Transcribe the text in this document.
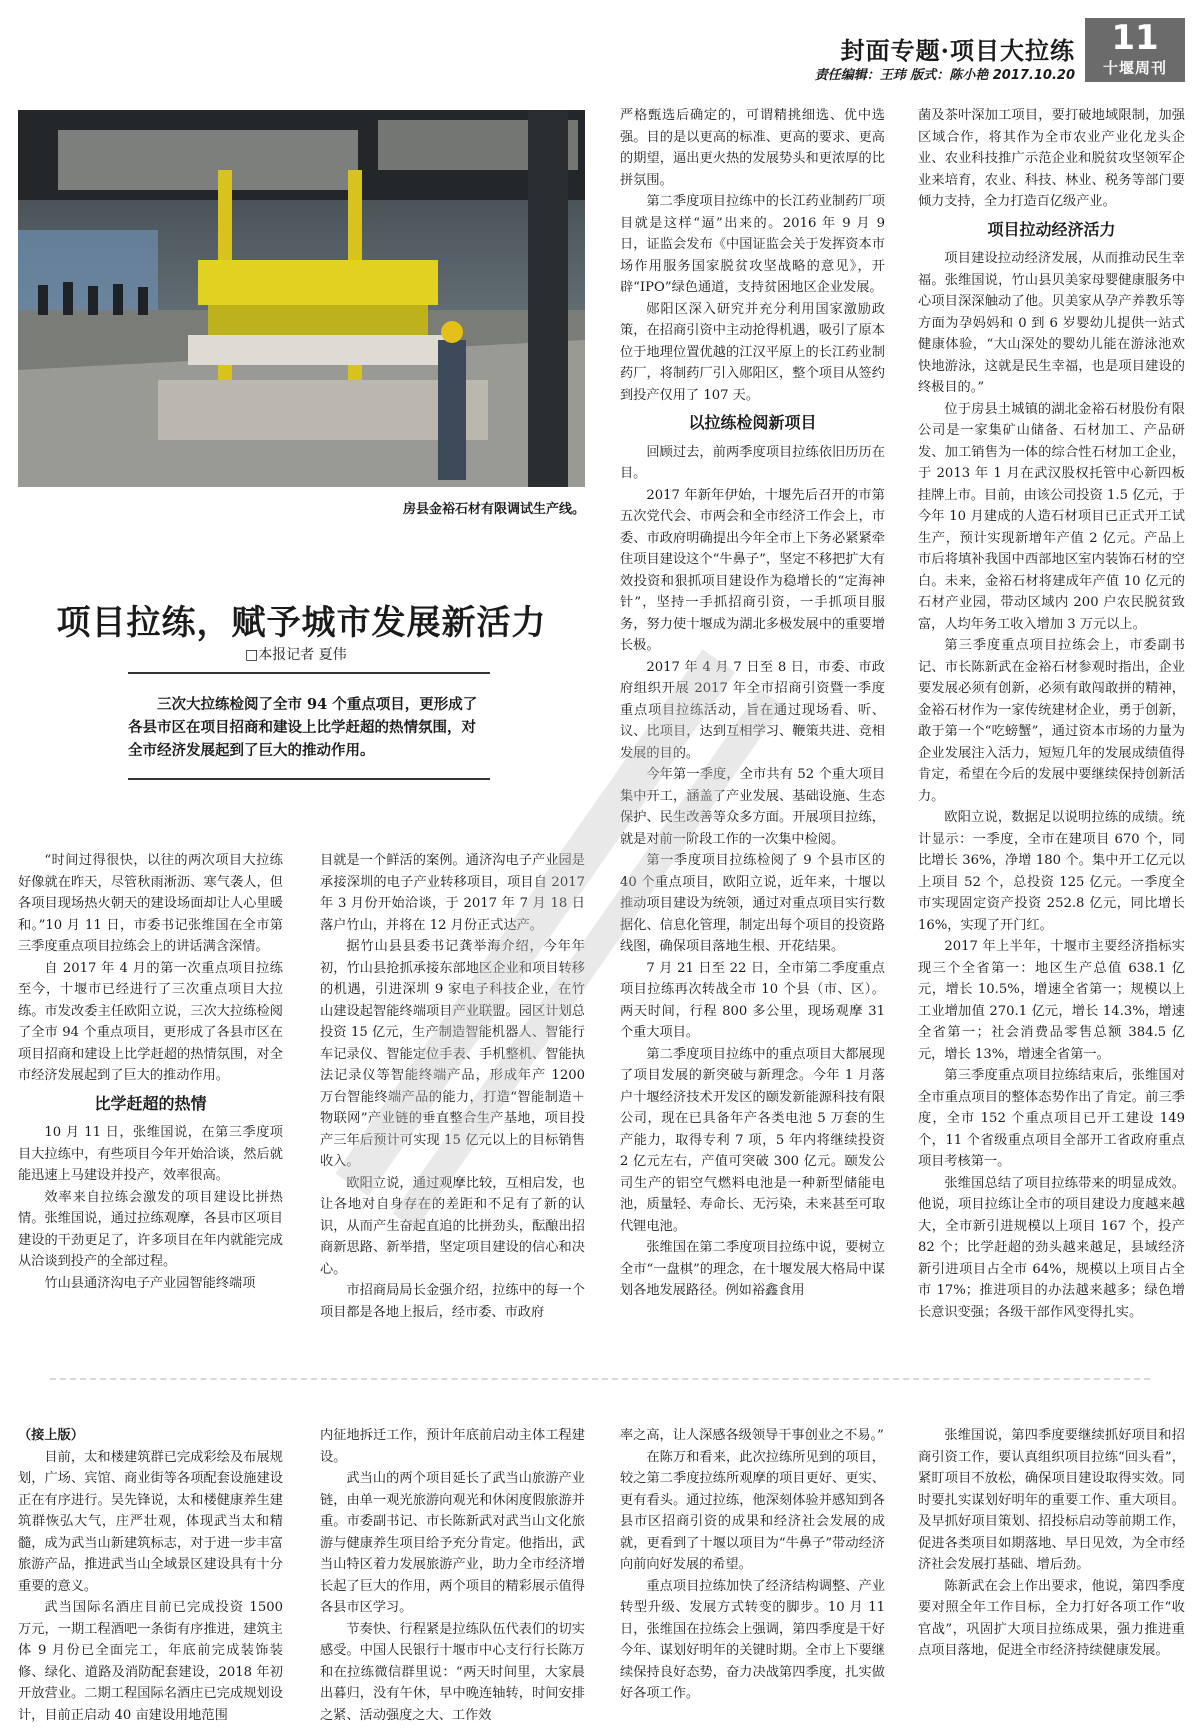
封面专题·项目大拉练
责任编辑：王玮 版式：陈小艳 2017.10.20
11
十堰周刊
房县金裕石材有限调试生产线。
项目拉练，赋予城市发展新活力
□本报记者 夏伟
三次大拉练检阅了全市 94 个重点项目，更形成了各县市区在项目招商和建设上比学赶超的热情氛围，对全市经济发展起到了巨大的推动作用。

“时间过得很快，以往的两次项目大拉练好像就在昨天，尽管秋雨淅沥、寒气袭人，但各项目现场热火朝天的建设场面却让人心里暖和。”10 月 11 日，市委书记张维国在全市第三季度重点项目拉练会上的讲话满含深情。

自 2017 年 4 月的第一次重点项目拉练至今，十堰市已经进行了三次重点项目大拉练。市发改委主任欧阳立说，三次大拉练检阅了全市 94 个重点项目，更形成了各县市区在项目招商和建设上比学赶超的热情氛围，对全市经济发展起到了巨大的推动作用。

比学赶超的热情

10 月 11 日，张维国说，在第三季度项目大拉练中，有些项目今年开始洽谈，然后就能迅速上马建设并投产，效率很高。

效率来自拉练会激发的项目建设比拼热情。张维国说，通过拉练观摩，各县市区项目建设的干劲更足了，许多项目在年内就能完成从洽谈到投产的全部过程。

竹山县通济沟电子产业园智能终端项

目就是一个鲜活的案例。通济沟电子产业园是承接深圳的电子产业转移项目，项目自 2017 年 3 月份开始洽谈，于 2017 年 7 月 18 日落户竹山，并将在 12 月份正式达产。

据竹山县县委书记龚举海介绍，今年年初，竹山县抢抓承接东部地区企业和项目转移的机遇，引进深圳 9 家电子科技企业，在竹山建设起智能终端项目产业联盟。园区计划总投资 15 亿元，生产制造智能机器人、智能行车记录仪、智能定位手表、手机整机、智能执法记录仪等智能终端产品，形成年产 1200 万台智能终端产品的能力，打造“智能制造＋物联网”产业链的垂直整合生产基地，项目投产三年后预计可实现 15 亿元以上的目标销售收入。

欧阳立说，通过观摩比较，互相启发，也让各地对自身存在的差距和不足有了新的认识，从而产生奋起直追的比拼劲头，酝酿出招商新思路、新举措，坚定项目建设的信心和决心。

市招商局局长金强介绍，拉练中的每一个项目都是各地上报后，经市委、市政府

严格甄选后确定的，可谓精挑细选、优中选强。目的是以更高的标准、更高的要求、更高的期望，逼出更火热的发展势头和更浓厚的比拼氛围。

第二季度项目拉练中的长江药业制药厂项目就是这样“逼”出来的。2016 年 9 月 9 日，证监会发布《中国证监会关于发挥资本市场作用服务国家脱贫攻坚战略的意见》，开辟“IPO”绿色通道，支持贫困地区企业发展。

郧阳区深入研究并充分利用国家激励政策，在招商引资中主动抢得机遇，吸引了原本位于地理位置优越的江汉平原上的长江药业制药厂，将制药厂引入郧阳区，整个项目从签约到投产仅用了 107 天。

以拉练检阅新项目

回顾过去，前两季度项目拉练依旧历历在目。

2017 年新年伊始，十堰先后召开的市第五次党代会、市两会和全市经济工作会上，市委、市政府明确提出今年全市上下务必紧紧牵住项目建设这个“牛鼻子”，坚定不移把扩大有效投资和狠抓项目建设作为稳增长的“定海神针”，坚持一手抓招商引资，一手抓项目服务，努力使十堰成为湖北多极发展中的重要增长极。

2017 年 4 月 7 日至 8 日，市委、市政府组织开展 2017 年全市招商引资暨一季度重点项目拉练活动，旨在通过现场看、听、议、比项目，达到互相学习、鞭策共进、竞相发展的目的。

今年第一季度，全市共有 52 个重大项目集中开工，涵盖了产业发展、基础设施、生态保护、民生改善等众多方面。开展项目拉练，就是对前一阶段工作的一次集中检阅。

第一季度项目拉练检阅了 9 个县市区的 40 个重点项目，欧阳立说，近年来，十堰以推动项目建设为统领，通过对重点项目实行数据化、信息化管理，制定出每个项目的投资路线图，确保项目落地生根、开花结果。

7 月 21 日至 22 日，全市第二季度重点项目拉练再次转战全市 10 个县（市、区）。两天时间，行程 800 多公里，现场观摩 31 个重大项目。

第二季度项目拉练中的重点项目大都展现了项目发展的新突破与新理念。今年 1 月落户十堰经济技术开发区的颐发新能源科技有限公司，现在已具备年产各类电池 5 万套的生产能力，取得专利 7 项，5 年内将继续投资 2 亿元左右，产值可突破 300 亿元。颐发公司生产的铝空气燃料电池是一种新型储能电池，质量轻、寿命长、无污染，未来甚至可取代锂电池。

张维国在第二季度项目拉练中说，要树立全市“一盘棋”的理念，在十堰发展大格局中谋划各地发展路径。例如裕鑫食用

菌及茶叶深加工项目，要打破地域限制，加强区域合作，将其作为全市农业产业化龙头企业、农业科技推广示范企业和脱贫攻坚领军企业来培育，农业、科技、林业、税务等部门要倾力支持，全力打造百亿级产业。

项目拉动经济活力

项目建设拉动经济发展，从而推动民生幸福。张维国说，竹山县贝美家母婴健康服务中心项目深深触动了他。贝美家从孕产养教乐等方面为孕妈妈和 0 到 6 岁婴幼儿提供一站式健康体验，“大山深处的婴幼儿能在游泳池欢快地游泳，这就是民生幸福，也是项目建设的终极目的。”

位于房县土城镇的湖北金裕石材股份有限公司是一家集矿山储备、石材加工、产品研发、加工销售为一体的综合性石材加工企业，于 2013 年 1 月在武汉股权托管中心新四板挂牌上市。目前，由该公司投资 1.5 亿元，于今年 10 月建成的人造石材项目已正式开工试生产，预计实现新增年产值 2 亿元。产品上市后将填补我国中西部地区室内装饰石材的空白。未来，金裕石材将建成年产值 10 亿元的石材产业园，带动区域内 200 户农民脱贫致富，人均年务工收入增加 3 万元以上。

第三季度重点项目拉练会上，市委副书记、市长陈新武在金裕石材参观时指出，企业要发展必须有创新，必须有敢闯敢拼的精神，金裕石材作为一家传统建材企业，勇于创新，敢于第一个“吃螃蟹”，通过资本市场的力量为企业发展注入活力，短短几年的发展成绩值得肯定，希望在今后的发展中要继续保持创新活力。

欧阳立说，数据足以说明拉练的成绩。统计显示：一季度，全市在建项目 670 个，同比增长 36%，净增 180 个。集中开工亿元以上项目 52 个，总投资 125 亿元。一季度全市实现固定资产投资 252.8 亿元，同比增长 16%，实现了开门红。

2017 年上半年，十堰市主要经济指标实现三个全省第一：地区生产总值 638.1 亿元，增长 10.5%，增速全省第一；规模以上工业增加值 270.1 亿元，增长 14.3%，增速全省第一；社会消费品零售总额 384.5 亿元，增长 13%，增速全省第一。

第三季度重点项目拉练结束后，张维国对全市重点项目的整体态势作出了肯定。前三季度，全市 152 个重点项目已开工建设 149 个，11 个省级重点项目全部开工省政府重点项目考核第一。

张维国总结了项目拉练带来的明显成效。他说，项目拉练让全市的项目建设力度越来越大，全市新引进规模以上项目 167 个，投产 82 个；比学赶超的劲头越来越足，县域经济新引进项目占全市 64%，规模以上项目占全市 17%；推进项目的办法越来越多；绿色增长意识变强；各级干部作风变得扎实。

（接上版）

目前，太和楼建筑群已完成彩绘及布展规划，广场、宾馆、商业街等各项配套设施建设正在有序进行。吴先锋说，太和楼健康养生建筑群恢弘大气，庄严壮观，体现武当太和精髓，成为武当山新建筑标志，对于进一步丰富旅游产品，推进武当山全域景区建设具有十分重要的意义。

武当国际名酒庄目前已完成投资 1500 万元，一期工程酒吧一条街有序推进，建筑主体 9 月份已全面完工，年底前完成装饰装修、绿化、道路及消防配套建设，2018 年初开放营业。二期工程国际名酒庄已完成规划设计，目前正启动 40 亩建设用地范围

内征地拆迁工作，预计年底前启动主体工程建设。

武当山的两个项目延长了武当山旅游产业链，由单一观光旅游向观光和休闲度假旅游并重。市委副书记、市长陈新武对武当山文化旅游与健康养生项目给予充分肯定。他指出，武当山特区着力发展旅游产业，助力全市经济增长起了巨大的作用，两个项目的精彩展示值得各县市区学习。

节奏快、行程紧是拉练队伍代表们的切实感受。中国人民银行十堰市中心支行行长陈万和在拉练微信群里说：“两天时间里，大家晨出暮归，没有午休，早中晚连轴转，时间安排之紧、活动强度之大、工作效

率之高，让人深感各级领导干事创业之不易。”

在陈万和看来，此次拉练所见到的项目，较之第二季度拉练所观摩的项目更好、更实、更有看头。通过拉练，他深刻体验并感知到各县市区招商引资的成果和经济社会发展的成就，更看到了十堰以项目为“牛鼻子”带动经济向前向好发展的希望。

重点项目拉练加快了经济结构调整、产业转型升级、发展方式转变的脚步。10 月 11 日，张维国在拉练会上强调，第四季度是干好今年、谋划好明年的关键时期。全市上下要继续保持良好态势，奋力决战第四季度，扎实做好各项工作。

张维国说，第四季度要继续抓好项目和招商引资工作，要认真组织项目拉练“回头看”，紧盯项目不放松，确保项目建设取得实效。同时要扎实谋划好明年的重要工作、重大项目。及早抓好项目策划、招投标启动等前期工作，促进各类项目如期落地、早日见效，为全市经济社会发展打基础、增后劲。

陈新武在会上作出要求，他说，第四季度要对照全年工作目标，全力打好各项工作“收官战”，巩固扩大项目拉练成果，强力推进重点项目落地，促进全市经济持续健康发展。
